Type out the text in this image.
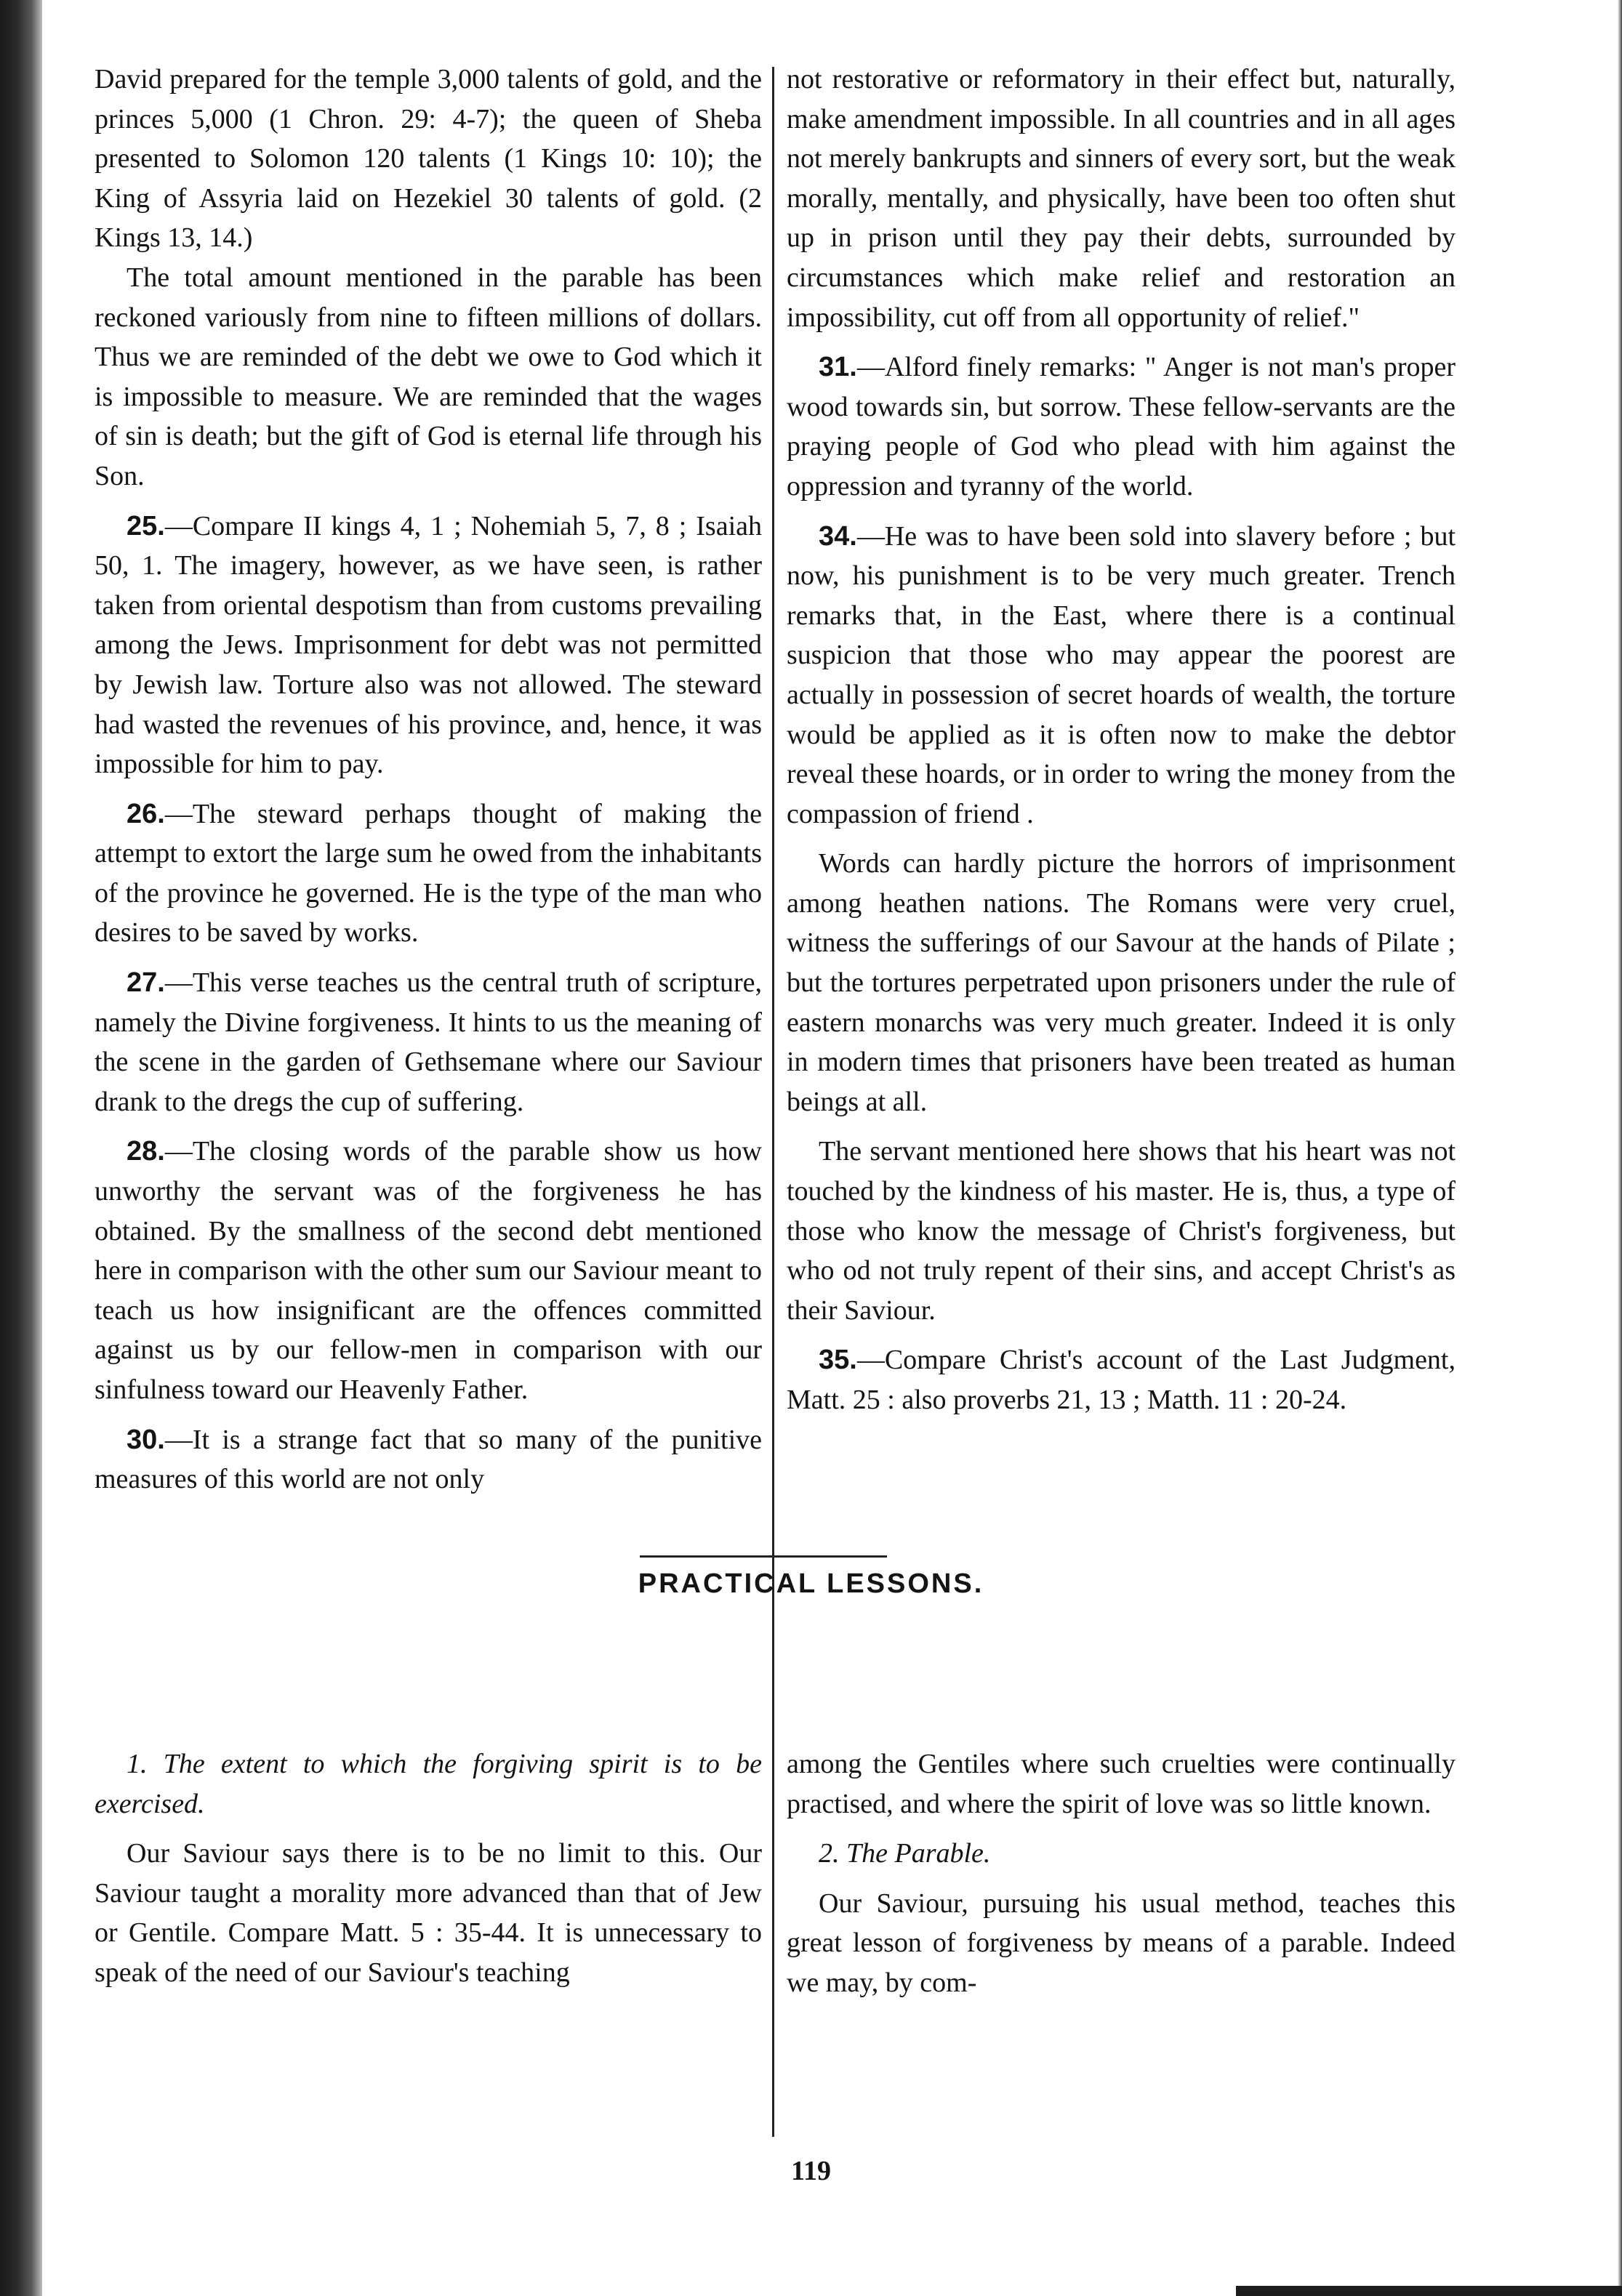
David prepared for the temple 3,000 talents of gold, and the princes 5,000 (1 Chron. 29: 4-7); the queen of Sheba presented to Solomon 120 talents (1 Kings 10: 10); the King of Assyria laid on Hezekiel 30 talents of gold. (2 Kings 13, 14.)

The total amount mentioned in the parable has been reckoned variously from nine to fifteen millions of dollars. Thus we are reminded of the debt we owe to God which it is impossible to measure. We are reminded that the wages of sin is death; but the gift of God is eternal life through his Son.

25.—Compare II kings 4, 1 ; Nohemiah 5, 7, 8 ; Isaiah 50, 1. The imagery, however, as we have seen, is rather taken from oriental despotism than from customs prevailing among the Jews. Imprisonment for debt was not permitted by Jewish law. Torture also was not allowed. The steward had wasted the revenues of his province, and, hence, it was impossible for him to pay.

26.—The steward perhaps thought of making the attempt to extort the large sum he owed from the inhabitants of the province he governed. He is the type of the man who desires to be saved by works.

27.—This verse teaches us the central truth of scripture, namely the Divine forgiveness. It hints to us the meaning of the scene in the garden of Gethsemane where our Saviour drank to the dregs the cup of suffering.

28.—The closing words of the parable show us how unworthy the servant was of the forgiveness he has obtained. By the smallness of the second debt mentioned here in comparison with the other sum our Saviour meant to teach us how insignificant are the offences committed against us by our fellow-men in comparison with our sinfulness toward our Heavenly Father.

30.—It is a strange fact that so many of the punitive measures of this world are not only

not restorative or reformatory in their effect but, naturally, make amendment impossible. In all countries and in all ages not merely bankrupts and sinners of every sort, but the weak morally, mentally, and physically, have been too often shut up in prison until they pay their debts, surrounded by circumstances which make relief and restoration an impossibility, cut off from all opportunity of relief."

31.—Alford finely remarks: " Anger is not man's proper wood towards sin, but sorrow. These fellow-servants are the praying people of God who plead with him against the oppression and tyranny of the world.

34.—He was to have been sold into slavery before ; but now, his punishment is to be very much greater. Trench remarks that, in the East, where there is a continual suspicion that those who may appear the poorest are actually in possession of secret hoards of wealth, the torture would be applied as it is often now to make the debtor reveal these hoards, or in order to wring the money from the compassion of friend .

Words can hardly picture the horrors of imprisonment among heathen nations. The Romans were very cruel, witness the sufferings of our Savour at the hands of Pilate ; but the tortures perpetrated upon prisoners under the rule of eastern monarchs was very much greater. Indeed it is only in modern times that prisoners have been treated as human beings at all.

The servant mentioned here shows that his heart was not touched by the kindness of his master. He is, thus, a type of those who know the message of Christ's forgiveness, but who od not truly repent of their sins, and accept Christ's as their Saviour.

35.—Compare Christ's account of the Last Judgment, Matt. 25 : also proverbs 21, 13 ; Matth. 11 : 20-24.

PRACTICAL LESSONS.

1. The extent to which the forgiving spirit is to be exercised.

Our Saviour says there is to be no limit to this. Our Saviour taught a morality more advanced than that of Jew or Gentile. Compare Matt. 5 : 35-44. It is unnecessary to speak of the need of our Saviour's teaching

among the Gentiles where such cruelties were continually practised, and where the spirit of love was so little known.

2. The Parable.

Our Saviour, pursuing his usual method, teaches this great lesson of forgiveness by means of a parable. Indeed we may, by com-

119
